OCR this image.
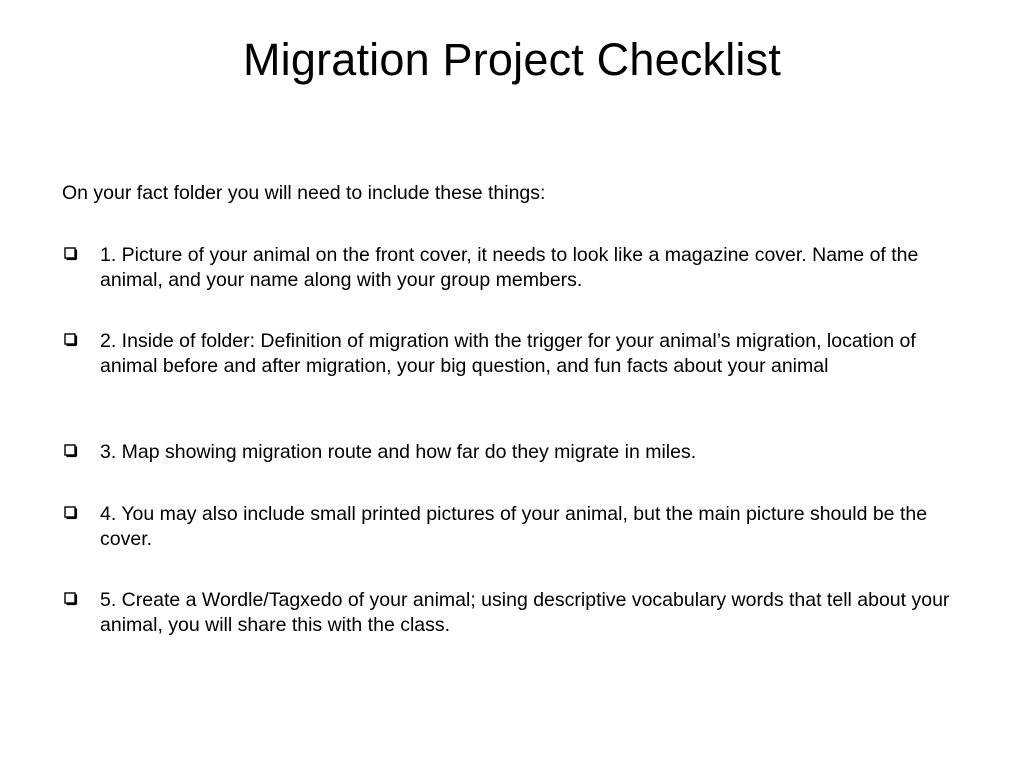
Migration Project Checklist
On your fact folder you will need to include these things:
1. Picture of your animal on the front cover, it needs to look like a magazine cover. Name of the animal, and your name along with your group members.
2. Inside of folder: Definition of migration with the trigger for your animal’s migration, location of animal before and after migration, your big question, and fun facts about your animal
3. Map showing migration route and how far do they migrate in miles.
4. You may also include small printed pictures of your animal, but the main picture should be the cover.
5. Create a Wordle/Tagxedo of your animal; using descriptive vocabulary words that tell about your animal, you will share this with the class.
